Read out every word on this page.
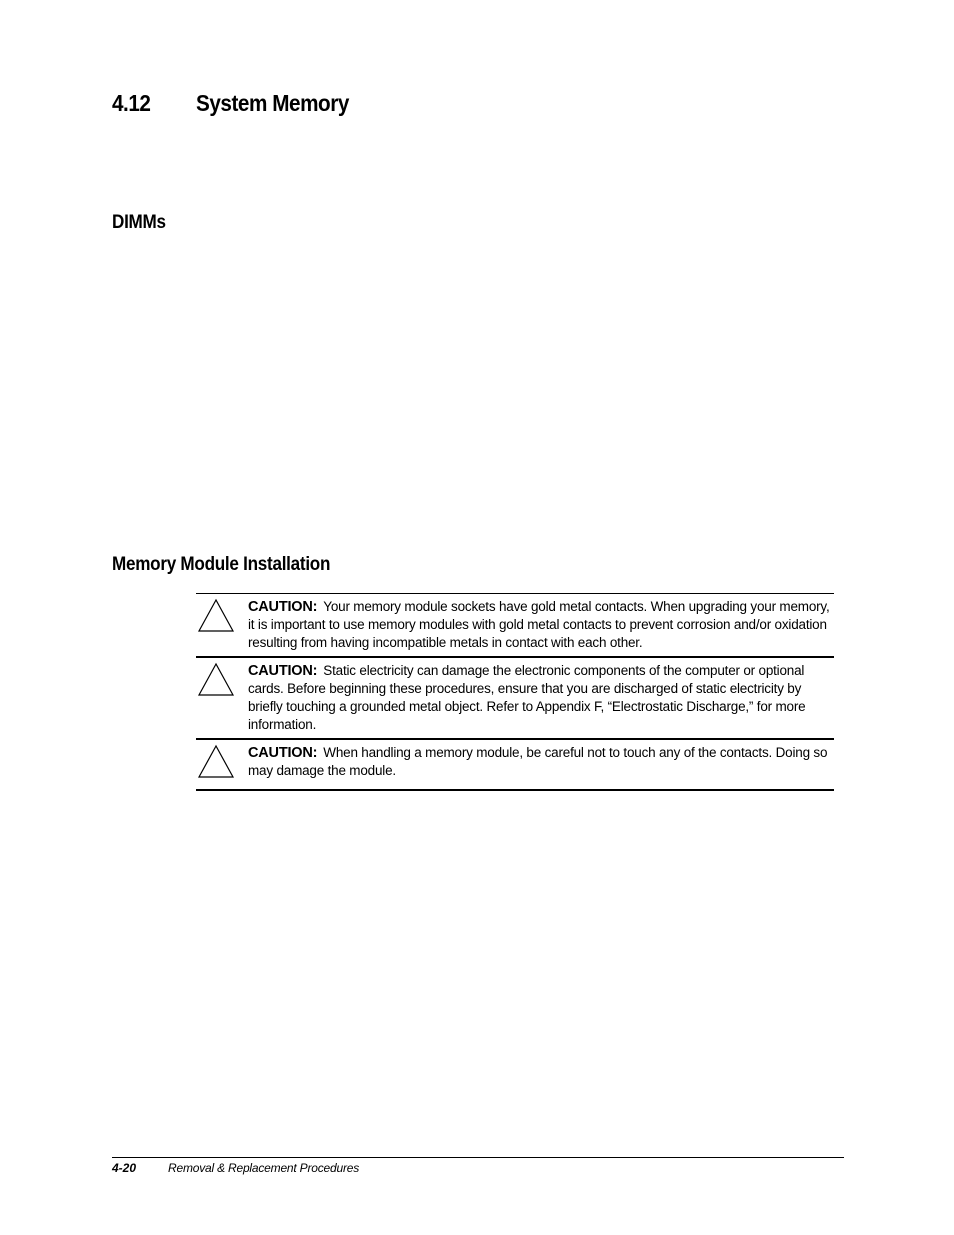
4.12 System Memory
DIMMs
Memory Module Installation
CAUTION: Your memory module sockets have gold metal contacts. When upgrading your memory, it is important to use memory modules with gold metal contacts to prevent corrosion and/or oxidation resulting from having incompatible metals in contact with each other.
CAUTION: Static electricity can damage the electronic components of the computer or optional cards. Before beginning these procedures, ensure that you are discharged of static electricity by briefly touching a grounded metal object. Refer to Appendix F, “Electrostatic Discharge,” for more information.
CAUTION: When handling a memory module, be careful not to touch any of the contacts. Doing so may damage the module.
4-20	Removal & Replacement Procedures
